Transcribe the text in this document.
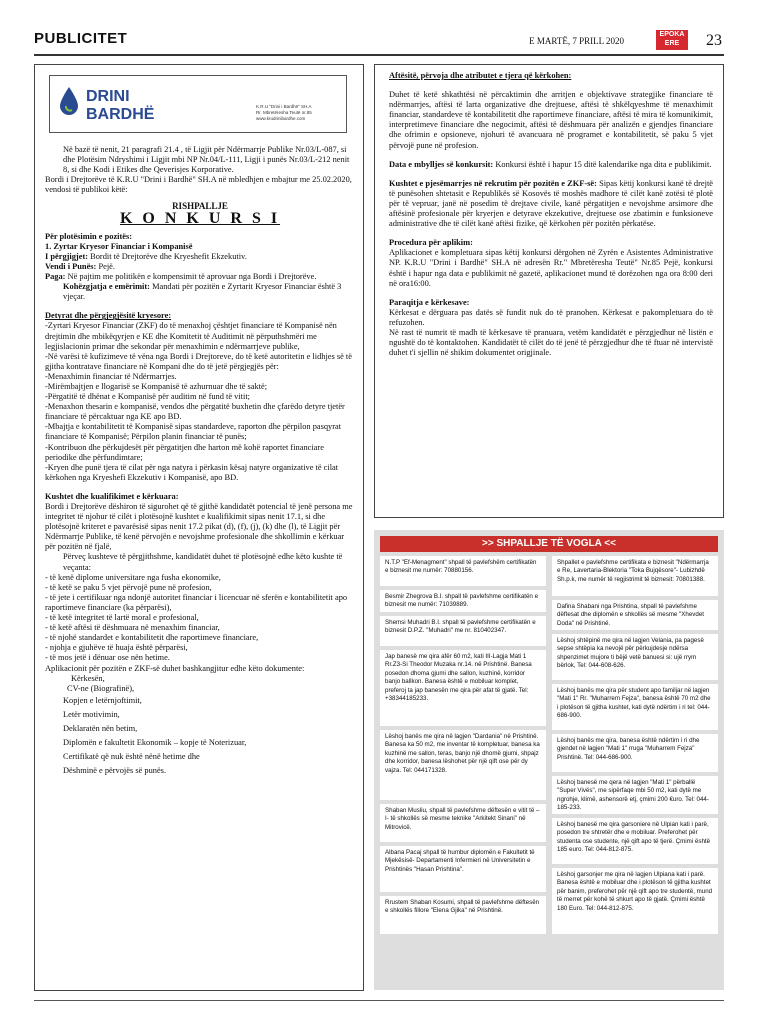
PUBLICITET	E MARTË, 7 PRILL 2020
EPOKA
ERE	23
DRINI
BARDHË	K.R.U "Drini i Bardhë" SH.A
Rr. Mbretëresha Teutë nr.85
www.krudrinibardhe.com

Në bazë të nenit, 21 paragrafi 21.4 , të Ligjit për Ndërmarrje Publike Nr.03/L-087, si dhe Plotësim Ndryshimi i Ligjit mbi NP Nr.04/L-111, Ligji i punës Nr.03/L-212 nenit 8, si dhe Kodi i Etikes dhe Qeverisjes Korporative.

Bordi i Drejtorëve të K.R.U "Drini i Bardhë" SH.A në mbledhjen e mbajtur me 25.02.2020, vendosi të publikoi këtë:

RISHPALLJE
K O N K U R S I

Për plotësimin e pozitës:

1. Zyrtar Kryesor Financiar i Kompanisë

I përgjigjet: Bordit të Drejtorëve dhe Kryeshefit Ekzekutiv.

Vendi i Punës: Pejë.

Paga: Në pajtim me politikën e kompensimit të aprovuar nga Bordi i Drejtorëve.

Kohëzgjatja e emërimit: Mandati për pozitën e Zyrtarit Kryesor Financiar është 3 vjeçar.

Detyrat dhe përgjegjësitë kryesore:

-Zyrtari Kryesor Financiar (ZKF) do të menaxhoj çështjet financiare të Kompanisë nën drejtimin dhe mbikëqyrjen e KE dhe Komitetit të Auditimit në përputhshmëri me legjislacionin primar dhe sekondar për menaxhimin e ndërmarrjeve publike,

-Në varësi të kufizimeve të vëna nga Bordi i Drejtoreve, do të ketë autoritetin e lidhjes së të gjitha kontratave financiare në Kompani dhe do të jetë përgjegjës për:

-Menaxhimin financiar të Ndërmarrjes.

-Mirëmbajtjen e llogarisë se Kompanisë të azhurnuar dhe të saktë;

-Përgatitë të dhënat e Kompanisë për auditim në fund të vitit;

-Menaxhon thesarin e kompanisë, vendos dhe përgatitë buxhetin dhe çfarëdo detyre tjetër financiare të përcaktuar nga KE apo BD.

-Mbajtja e kontabilitetit të Kompanisë sipas standardeve, raporton dhe përpilon pasqyrat financiare të Kompanisë; Përpilon planin financiar të punës;

-Kontribuon dhe përkujdesët për përgatitjen dhe harton më kohë raportet financiare periodike dhe përfundimtare;

-Kryen dhe punë tjera të cilat për nga natyra i përkasin kësaj natyre organizative të cilat kërkohen nga Kryeshefi Ekzekutiv i Kompanisë, apo BD.

Kushtet dhe kualifikimet e kërkuara:

Bordi i Drejtorëve dëshiron të sigurohet që të gjithë kandidatët potencial të jenë persona me integritet të njohur të cilët i plotësojnë kushtet e kualifikimit sipas nenit 17.1, si dhe plotësojnë kriteret e pavarësisë sipas nenit 17.2 pikat (d), (f), (j), (k) dhe (l), të Ligjit për Ndërmarrje Publike, të kenë përvojën e nevojshme profesionale dhe shkollimin e kërkuar për pozitën në fjalë,

Përveç kushteve të përgjithshme, kandidatët duhet të plotësojnë edhe këto kushte të veçanta:

- të kenë diplome universitare nga fusha ekonomike,

- të ketë se paku 5 vjet përvojë pune në profesion,

- të jete i certifikuar nga ndonjë autoritet financiar i licencuar në sferën e kontabilitetit apo

raportimeve financiare (ka përparësi),

- të ketë integritet të lartë moral e profesional,

- të ketë aftësi të dëshmuara në menaxhim financiar,

- të njohë standardet e kontabilitetit dhe raportimeve financiare,

- njohja e gjuhëve të huaja është përparësi,

- të mos jetë i dënuar ose nën hetime.

Aplikacionit për pozitën e ZKF-së duhet bashkangjitur edhe këto dokumente:

Kërkesën,

CV-ne (Biografinë),

Kopjen e letërnjoftimit,

Letër motivimin,

Deklaratën nën betim,

Diplomën e fakultetit Ekonomik – kopje të Noterizuar,

Certifikatë që nuk është nënë hetime dhe

Dëshminë e përvojës së punës.

Aftësitë, përvoja dhe atributet e tjera që kërkohen:

Duhet të ketë shkathtësi në përcaktimin dhe arritjen e objektivave strategjike financiare të ndërmarrjes, aftësi të larta organizative dhe drejtuese, aftësi të shkëlqyeshme të menaxhimit financiar, standardeve të kontabilitetit dhe raportimeve financiare, aftësi të mira të komunikimit, interpretimeve financiare dhe negocimit, aftësi të dëshmuara për analizën e gjendjes financiare dhe ofrimin e opsioneve, njohuri të avancuara në programet e kontabilitetit, së paku 5 vjet përvojë pune në profesion.

Data e mbylljes së konkursit: Konkursi është i hapur 15 ditë kalendarike nga dita e publikimit.

Kushtet e pjesëmarrjes në rekrutim për pozitën e ZKF-së: Sipas këtij konkursi kanë të drejtë të punësohen shtetasit e Republikës së Kosovës të moshës madhore të cilët kanë zotësi të plotë për të vepruar, janë në posedim të drejtave civile, kanë përgatitjen e nevojshme arsimore dhe aftësinë profesionale për kryerjen e detyrave ekzekutive, drejtuese ose zbatimin e funksioneve administrative dhe të cilët kanë aftësi fizike, që kërkohen për pozitën përkatëse.

Procedura për aplikim:

Aplikacionet e kompletuara sipas këtij konkursi dërgohen në Zyrën e Asistentes Administrative NP. K.R.U "Drini i Bardhë" SH.A në adresën Rr." Mbretëresha Teutë" Nr.85 Pejë, konkursi është i hapur nga data e publikimit në gazetë, aplikacionet mund të dorëzohen nga ora 8:00 deri në ora16:00.

Paraqitja e kërkesave:

Kërkesat e dërguara pas datës së fundit nuk do të pranohen. Kërkesat e pakompletuara do të refuzohen.

Në rast të numrit të madh të kërkesave të pranuara, vetëm kandidatët e përzgjedhur në listën e ngushtë do të kontaktohen. Kandidatët të cilët do të jenë të përzgjedhur dhe të ftuar në intervistë duhet t'i sjellin në shikim dokumentet origjinale.

>> SHPALLJE TË VOGLA <<
N.T.P "Ef-Menagment" shpall të pavlefshëm certifikatën e biznesit me numër: 70880156.
Besmir Zhegrova B.I. shpall të pavlefshme certifikatën e biznesit me numër: 71039889.
Shemsi Muhadri B.I. shpall të pavlefshme certifikatën e biznesit D.P.Z. "Muhadri" me nr. 810402347.
Jap banesë me qira afër 60 m2, kati III-Lagja Mati 1 Rr.Z3-Si Theodor Muzaka nr.14. në Prishtinë. Banesa posedon dhoma gjumi dhe sallon, kuzhinë, korridor banjo ballkon. Banesa është e mobiluar komplet, preferoj ta jap banesën me qira për afat të gjatë. Tel: +38344185233.
Lëshoj banës me qira në lagjen "Dardania" në Prishtinë. Banesa ka 50 m2, me inventar të kompletuar, banesa ka kuzhinë me sallon, teras, banjo një dhomë gjumi, shpajz dhe korridor, banesa lëshohet për një qift ose për dy vajza. Tel: 044171328.
Shaban Musliu, shpall të pavlefshme dëftesën e vitit të –I- të shkollës së mesme teknike "Arkitekt Sinani" në Mitrovicë.
Albana Pacaj shpall të humbur diplomën e Fakultetit të Mjekësisë- Departamenti Infermieri në Universitetin e Prishtinës "Hasan Prishtina".
Rrustem Shaban Kosumi, shpall të pavlefshme dëftesën e shkollës fillore "Elena Gjika" në Prishtinë.
Shpallet e pavlefshme certifikata e biznesit "Ndërmarrja e Re, Lavertaria-Blektoria "Toka Bujqësore"- Lubizhdë Sh.p.k, me numër të regjistrimit të biznesit: 70801388.
Dafina Shabani nga Prishtina, shpall të pavlefshme dëftesat dhe diplomën e shkollës së mesme "Xhevdet Doda" në Prishtinë.
Lëshoj shtëpinë me qira në lagjen Velania, pa pagesë sepse shtëpia ka nevojë për përkujdesje ndërsa shpenzimet mujore ti bëjë vetë banuesi si: ujë rrym bërlok, Tel: 044-608-626.
Lëshoj banës me qira për student apo familjar në lagjen "Mati 1" Rr. "Muharrem Fejza", banesa është 70 m2 dhe i plotëson të gjitha kushtet, kati dytë ndërtim i ri tel: 044-686-900.
Lëshoj banës me qira, banesa është ndërtim i ri dhe gjendet në lagjen "Mati 1" rruga "Muharrem Fejza" Prishtinë. Tel: 044-686-900.
Lëshoj banesë me qera në lagjen "Mati 1" përballë "Super Vivës", me sipërfaqe mbi 50 m2, kati dytë me ngrohje, klimë, ashensorë etj, çmimi 200 €uro. Tel: 044-185-233.
Lëshoj banesë me qira garsoniere në Ulpian kati i parë, posedon tre shtretër dhe e mobiluar. Preferohet për studenta ose studente, një qift apo të tjerë. Çmimi është 185 euro. Tel: 044-812-875.
Lëshoj garsonjer me qira në lagjen Ulpiana kati i parë. Banesa është e mobiluar dhe i plotëson të gjitha kushtet për banim, preferohet për një qift apo tre studentë, mund të merret për kohë të shkurt apo të gjatë. Çmimi është 180 Euro. Tel: 044-812-875.
